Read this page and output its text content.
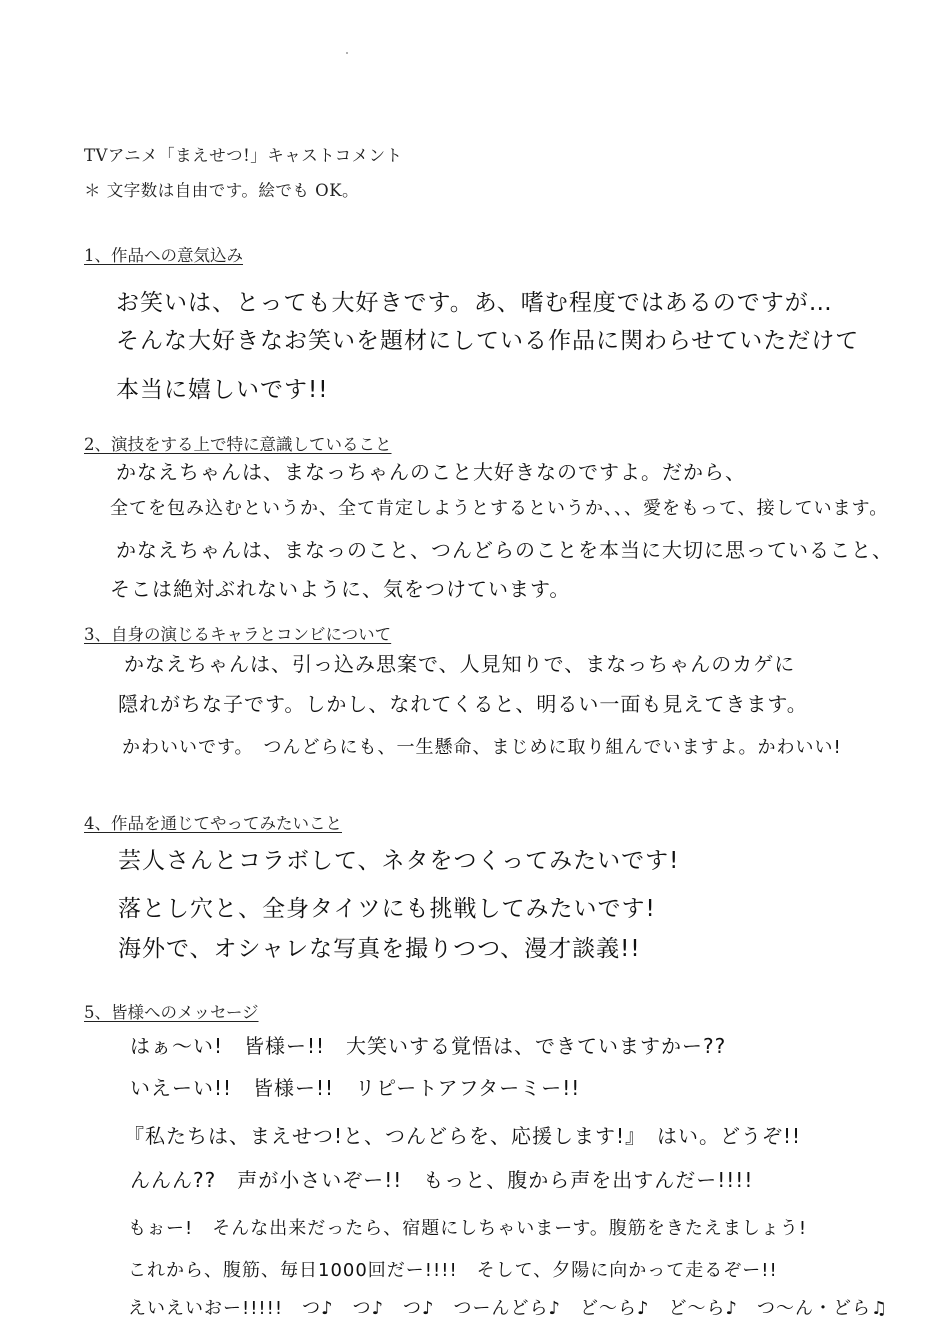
TVアニメ「まえせつ!」キャストコメント
＊ 文字数は自由です。絵でも OK。
1、作品への意気込み
お笑いは、とっても大好きです。あ、嗜む程度ではあるのですが…
そんな大好きなお笑いを題材にしている作品に関わらせていただけて
本当に嬉しいです!!
2、演技をする上で特に意識していること
かなえちゃんは、まなっちゃんのこと大好きなのですよ。だから、
全てを包み込むというか、全て肯定しようとするというか、、、愛をもって、接しています。
かなえちゃんは、まなっのこと、つんどらのことを本当に大切に思っていること、
そこは絶対ぶれないように、気をつけています。
3、自身の演じるキャラとコンビについて
かなえちゃんは、引っ込み思案で、人見知りで、まなっちゃんのカゲに
隠れがちな子です。しかし、なれてくると、明るい一面も見えてきます。
かわいいです。　つんどらにも、一生懸命、まじめに取り組んでいますよ。かわいい!
4、作品を通じてやってみたいこと
芸人さんとコラボして、ネタをつくってみたいです!
落とし穴と、全身タイツにも挑戦してみたいです!
海外で、オシャレな写真を撮りつつ、漫才談義!!
5、皆様へのメッセージ
はぁ〜い!　皆様ー!!　大笑いする覚悟は、できていますかー??
いえーい!!　皆様ー!!　リピートアフターミー!!
『私たちは、まえせつ!と、つんどらを、応援します!』　はい。どうぞ!!
んんん??　声が小さいぞー!!　もっと、腹から声を出すんだー!!!!
もぉー!　そんな出来だったら、宿題にしちゃいまーす。腹筋をきたえましょう!
これから、腹筋、毎日1000回だー!!!!　そして、夕陽に向かって走るぞー!!
えいえいおー!!!!!　つ♪　つ♪　つ♪　つーんどら♪　ど〜ら♪　ど〜ら♪　つ〜ん・どら♫
